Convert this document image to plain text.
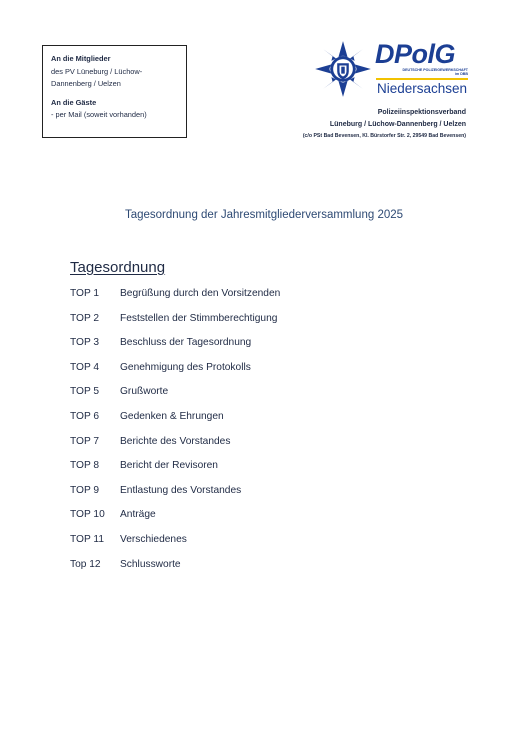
An die Mitglieder
des PV Lüneburg / Lüchow-
Dannenberg / Uelzen
An die Gäste
- per Mail (soweit vorhanden)
DPolG
DEUTSCHE POLIZEIGEWERKSCHAFT
im DBB
Niedersachsen
Polizeiinspektionsverband
Lüneburg / Lüchow-Dannenberg / Uelzen
(c/o PSt Bad Bevensen, Kl. Bürstorfer Str. 2, 29549 Bad Bevensen)
Tagesordnung der Jahresmitgliederversammlung 2025
Tagesordnung
TOP 1	Begrüßung durch den Vorsitzenden
TOP 2	Feststellen der Stimmberechtigung
TOP 3	Beschluss der Tagesordnung
TOP 4	Genehmigung des Protokolls
TOP 5	Grußworte
TOP 6	Gedenken & Ehrungen
TOP 7	Berichte des Vorstandes
TOP 8	Bericht der Revisoren
TOP 9	Entlastung des Vorstandes
TOP 10	Anträge
TOP 11	Verschiedenes
Top 12	Schlussworte
